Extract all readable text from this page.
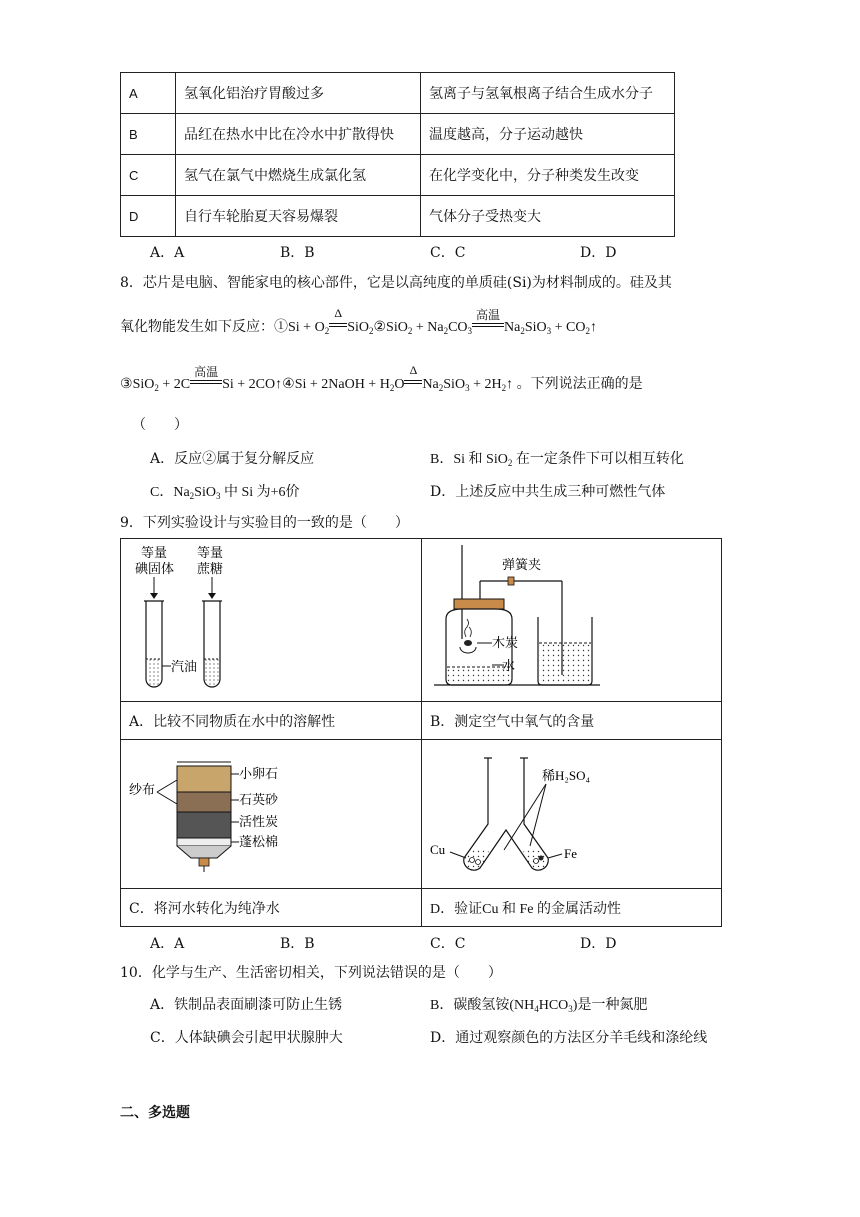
A	氢氧化铝治疗胃酸过多	氢离子与氢氧根离子结合生成水分子
B	品红在热水中比在冷水中扩散得快	温度越高，分子运动越快
C	氢气在氯气中燃烧生成氯化氢	在化学变化中，分子种类发生改变
D	自行车轮胎夏天容易爆裂	气体分子受热变大
A．A	B．B	C．C	D．D
8．芯片是电脑、智能家电的核心部件，它是以高纯度的单质硅(Si)为材料制成的。硅及其
氧化物能发生如下反应：①Si + $O_2$
Δ
SiO$_2$②SiO$_2$ + $Na_2CO_3$
高温
$Na_2SiO_3$ + $CO_2↑$
③SiO$_2$ + 2C
高温
Si + 2CO↑④Si + 2NaOH + $H_2O$
Δ
$Na_2SiO_3$ + $2H_2↑$ 。下列说法正确的是
（　　）
A．反应②属于复分解反应	B．Si 和 SiO$_2$ 在一定条件下可以相互转化
C．$Na_2SiO_3$ 中 Si 为+6价	D．上述反应中共生成三种可燃性气体
9．下列实验设计与实验目的一致的是（　　）
等量
碘固体
等量
蔗糖
汽油	木炭
水
弹簧夹

A．比较不同物质在水中的溶解性	B．测定空气中氧气的含量

小卵石
石英砂
活性炭
蓬松棉
纱布	稀H₂SO₄
Cu Fe

C．将河水转化为纯净水	D．验证Cu 和 Fe 的金属活动性
A．A	B．B	C．C	D．D
10．化学与生产、生活密切相关，下列说法错误的是（　　）
A．铁制品表面刷漆可防止生锈	B．碳酸氢铵$(NH_4HCO_3)$是一种氮肥
C．人体缺碘会引起甲状腺肿大	D．通过观察颜色的方法区分羊毛线和涤纶线
二、多选题
